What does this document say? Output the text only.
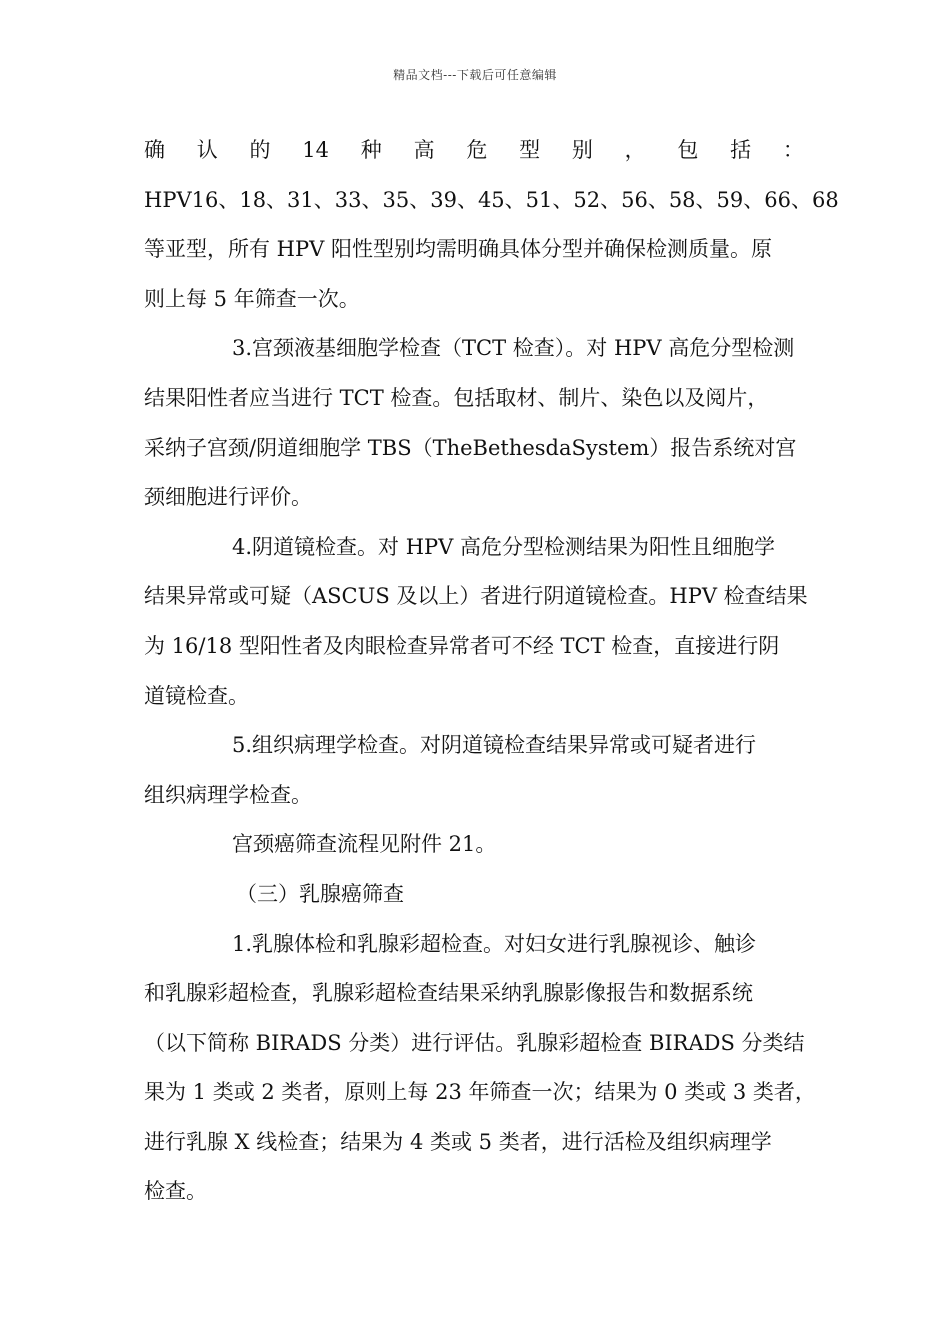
精品文档---下载后可任意编辑
确 认 的 14 种 高 危 型 别 ， 包 括 ：
HPV16、18、31、33、35、39、45、51、52、56、58、59、66、68
等亚型，所有 HPV 阳性型别均需明确具体分型并确保检测质量。原
则上每 5 年筛查一次。
3.宫颈液基细胞学检查（TCT 检查）。对 HPV 高危分型检测
结果阳性者应当进行 TCT 检查。包括取材、制片、染色以及阅片，
采纳子宫颈/阴道细胞学 TBS（TheBethesdaSystem）报告系统对宫
颈细胞进行评价。
4.阴道镜检查。对 HPV 高危分型检测结果为阳性且细胞学
结果异常或可疑（ASCUS 及以上）者进行阴道镜检查。HPV 检查结果
为 16/18 型阳性者及肉眼检查异常者可不经 TCT 检查，直接进行阴
道镜检查。
5.组织病理学检查。对阴道镜检查结果异常或可疑者进行
组织病理学检查。
宫颈癌筛查流程见附件 21。
（三）乳腺癌筛查
1.乳腺体检和乳腺彩超检查。对妇女进行乳腺视诊、触诊
和乳腺彩超检查，乳腺彩超检查结果采纳乳腺影像报告和数据系统
（以下简称 BIRADS 分类）进行评估。乳腺彩超检查 BIRADS 分类结
果为 1 类或 2 类者，原则上每 23 年筛查一次；结果为 0 类或 3 类者，
进行乳腺 X 线检查；结果为 4 类或 5 类者，进行活检及组织病理学
检查。
